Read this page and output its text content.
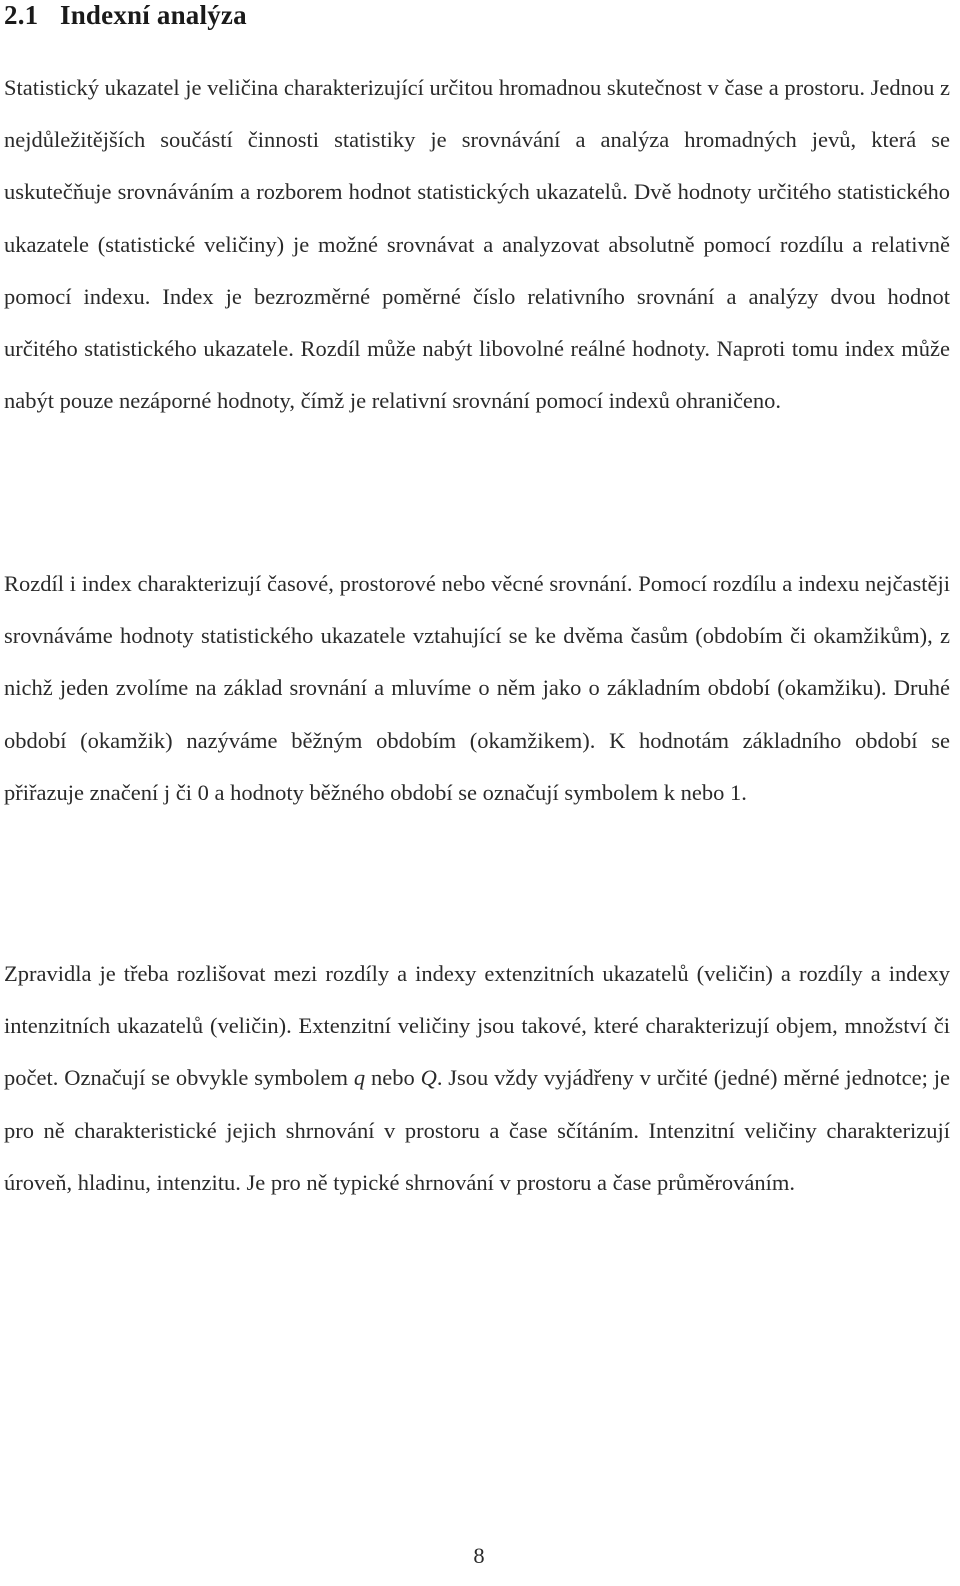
2.1 Indexní analýza

Statistický ukazatel je veličina charakterizující určitou hromadnou skutečnost v čase a prostoru. Jednou z nejdůležitějších součástí činnosti statistiky je srovnávání a analýza hromadných jevů, která se uskutečňuje srovnáváním a rozborem hodnot statistických ukazatelů. Dvě hodnoty určitého statistického ukazatele (statistické veličiny) je možné srovnávat a analyzovat absolutně pomocí rozdílu a relativně pomocí indexu. Index je bezrozměrné poměrné číslo relativního srovnání a analýzy dvou hodnot určitého statistického ukazatele. Rozdíl může nabýt libovolné reálné hodnoty. Naproti tomu index může nabýt pouze nezáporné hodnoty, čímž je relativní srovnání pomocí indexů ohraničeno.

Rozdíl i index charakterizují časové, prostorové nebo věcné srovnání. Pomocí rozdílu a indexu nejčastěji srovnáváme hodnoty statistického ukazatele vztahující se ke dvěma časům (obdobím či okamžikům), z nichž jeden zvolíme na základ srovnání a mluvíme o něm jako o základním období (okamžiku). Druhé období (okamžik) nazýváme běžným obdobím (okamžikem). K hodnotám základního období se přiřazuje značení j či 0 a hodnoty běžného období se označují symbolem k nebo 1.

Zpravidla je třeba rozlišovat mezi rozdíly a indexy extenzitních ukazatelů (veličin) a rozdíly a indexy intenzitních ukazatelů (veličin). Extenzitní veličiny jsou takové, které charakterizují objem, množství či počet. Označují se obvykle symbolem q nebo Q. Jsou vždy vyjádřeny v určité (jedné) měrné jednotce; je pro ně charakteristické jejich shrnování v prostoru a čase sčítáním. Intenzitní veličiny charakterizují úroveň, hladinu, intenzitu. Je pro ně typické shrnování v prostoru a čase průměrováním.

8
